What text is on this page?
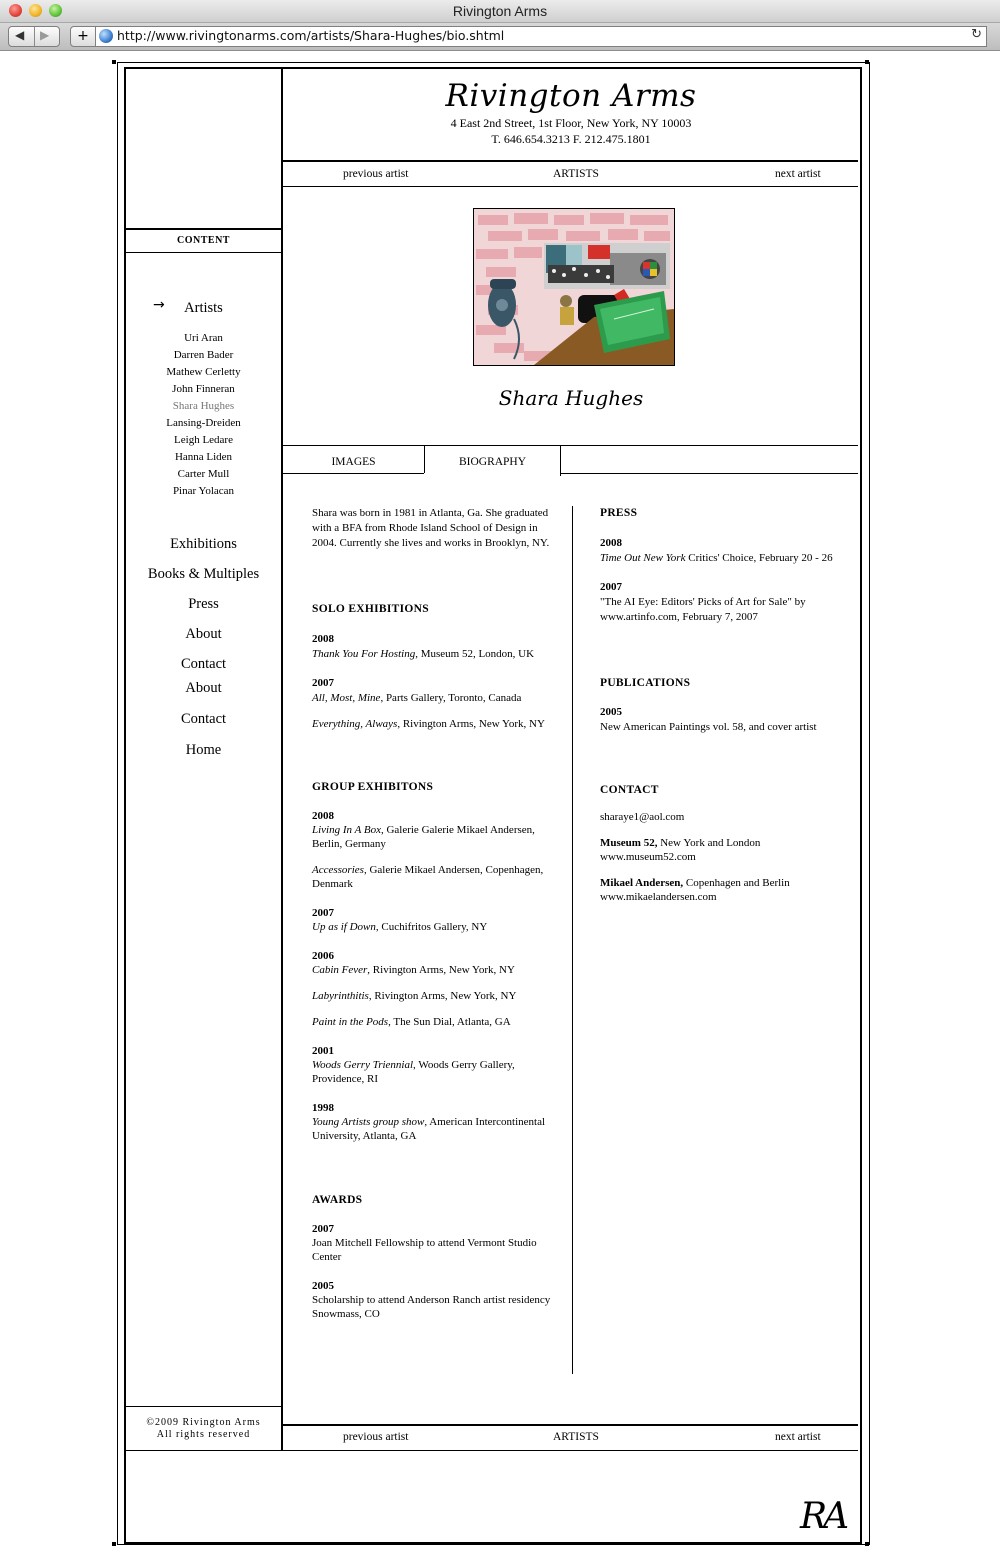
Rivington Arms
◀ ▶	+	http://www.rivingtonarms.com/artists/Shara-Hughes/bio.shtml	↻
CONTENT
→	Artists
Uri Aran
Darren Bader
Mathew Cerletty
John Finneran
Shara Hughes
Lansing-Dreiden
Leigh Ledare
Hanna Liden
Carter Mull
Pinar Yolacan
Exhibitions
Books & Multiples
Press
About
Contact
About
Contact
Home
©2009 Rivington Arms
All rights reserved
Rivington Arms
4 East 2nd Street, 1st Floor, New York, NY 10003
T. 646.654.3213 F. 212.475.1801
previous artist	ARTISTS	next artist
Shara Hughes
IMAGES	BIOGRAPHY

Shara was born in 1981 in Atlanta, Ga. She graduated with a BFA from Rhode Island School of Design in 2004. Currently she lives and works in Brooklyn, NY.

SOLO EXHIBITIONS

2008

Thank You For Hosting, Museum 52, London, UK

2007

All, Most, Mine, Parts Gallery, Toronto, Canada

Everything, Always, Rivington Arms, New York, NY

GROUP EXHIBITONS

2008

Living In A Box, Galerie Galerie Mikael Andersen, Berlin, Germany

Accessories, Galerie Mikael Andersen, Copenhagen, Denmark

2007

Up as if Down, Cuchifritos Gallery, NY

2006

Cabin Fever, Rivington Arms, New York, NY

Labyrinthitis, Rivington Arms, New York, NY

Paint in the Pods, The Sun Dial, Atlanta, GA

2001

Woods Gerry Triennial, Woods Gerry Gallery, Providence, RI

1998

Young Artists group show, American Intercontinental University, Atlanta, GA

AWARDS

2007

Joan Mitchell Fellowship to attend Vermont Studio Center

2005

Scholarship to attend Anderson Ranch artist residency Snowmass, CO

PRESS

2008

Time Out New York Critics' Choice, February 20 - 26

2007

"The AI Eye: Editors' Picks of Art for Sale" by www.artinfo.com, February 7, 2007

PUBLICATIONS

2005

New American Paintings vol. 58, and cover artist

CONTACT

sharaye1@aol.com

Museum 52, New York and London

www.museum52.com

Mikael Andersen, Copenhagen and Berlin

www.mikaelandersen.com

previous artist	ARTISTS	next artist
RA
